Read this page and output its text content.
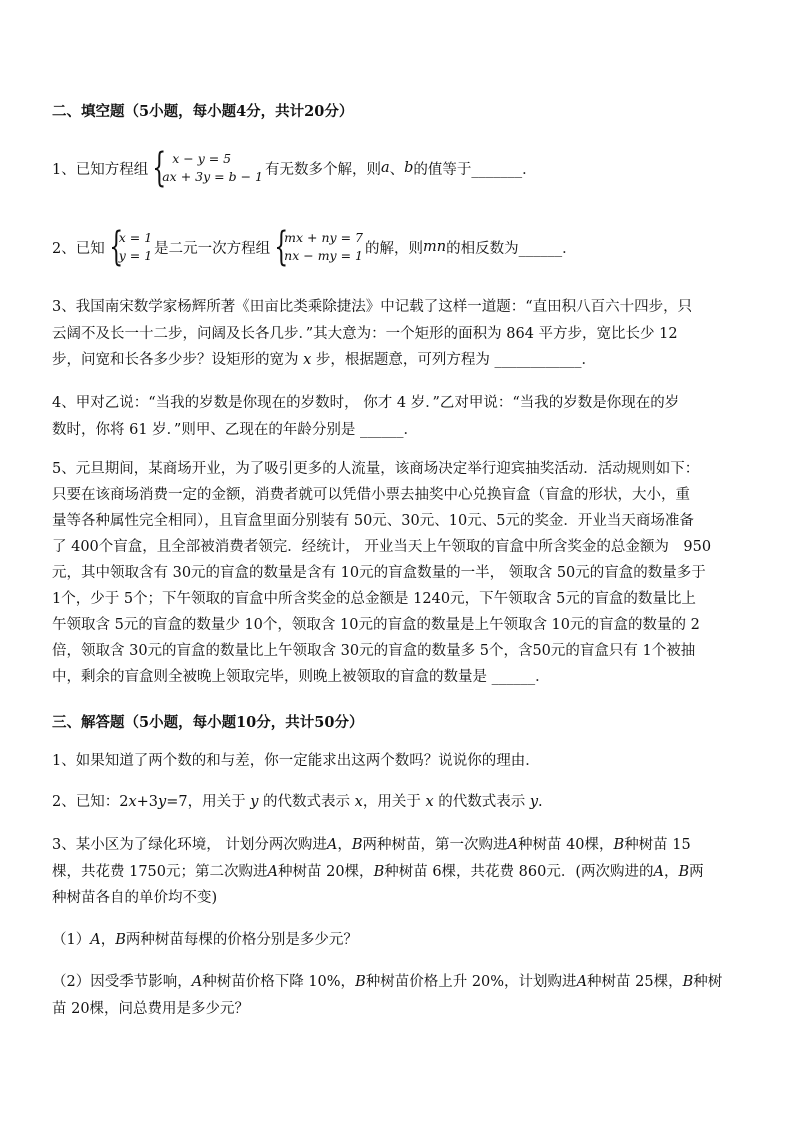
二、填空题（5小题，每小题4分，共计20分）
1、已知方程组 { x − y = 5
ax + 3y = b − 1 有无数多个解，则 a 、 b 的值等于_______．
2、已知 {
x = 1
y = 1 是二元一次方程组 {
mx + ny = 7
nx − my = 1 的解，则 mn 的相反数为______．
3、我国南宋数学家杨辉所著《田亩比类乘除捷法》中记载了这样一道题：“直田积八百六十四步，只
云阔不及长一十二步，问阔及长各几步．”其大意为：一个矩形的面积为 864 平方步，宽比长少 12
步，问宽和长各多少步？设矩形的宽为 x 步，根据题意，可列方程为 ____________．
4、甲对乙说：“当我的岁数是你现在的岁数时， 你才 4 岁．”乙对甲说：“当我的岁数是你现在的岁
数时，你将 61 岁．”则甲、乙现在的年龄分别是 ______．
5、元旦期间，某商场开业，为了吸引更多的人流量，该商场决定举行迎宾抽奖活动．活动规则如下：
只要在该商场消费一定的金额，消费者就可以凭借小票去抽奖中心兑换盲盒（盲盒的形状，大小，重
量等各种属性完全相同），且盲盒里面分别装有 50元、30元、10元、5元的奖金．开业当天商场准备
了 400个盲盒，且全部被消费者领完．经统计， 开业当天上午领取的盲盒中所含奖金的总金额为　950
元，其中领取含有 30元的盲盒的数量是含有 10元的盲盒数量的一半， 领取含 50元的盲盒的数量多于
1个，少于 5个；下午领取的盲盒中所含奖金的总金额是 1240元，下午领取含 5元的盲盒的数量比上
午领取含 5元的盲盒的数量少 10个，领取含 10元的盲盒的数量是上午领取含 10元的盲盒的数量的 2
倍，领取含 30元的盲盒的数量比上午领取含 30元的盲盒的数量多 5个，含50元的盲盒只有 1个被抽
中，剩余的盲盒则全被晚上领取完毕，则晚上被领取的盲盒的数量是 ______．
三、解答题（5小题，每小题10分，共计50分）
1、如果知道了两个数的和与差，你一定能求出这两个数吗？说说你的理由．
2、已知：2x+3y=7，用关于 y 的代数式表示 x，用关于 x 的代数式表示 y.
3、某小区为了绿化环境， 计划分两次购进A，B两种树苗，第一次购进A种树苗 40棵，B种树苗 15
棵，共花费 1750元；第二次购进A种树苗 20棵，B种树苗 6棵，共花费 860元．(两次购进的A，B两
种树苗各自的单价均不变)
（1）A，B两种树苗每棵的价格分别是多少元？
（2）因受季节影响，A种树苗价格下降 10%，B种树苗价格上升 20%，计划购进A种树苗 25棵，B种树
苗 20棵，问总费用是多少元？
